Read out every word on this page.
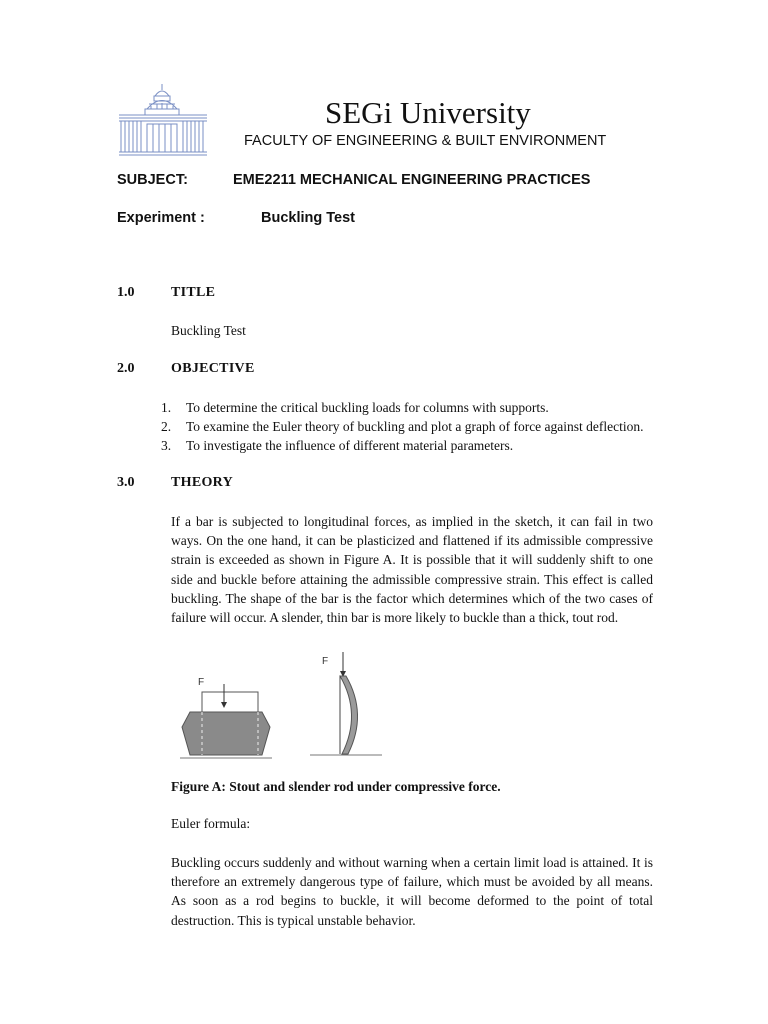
SEGi University
FACULTY OF ENGINEERING & BUILT ENVIRONMENT
SUBJECT:	EME2211 MECHANICAL ENGINEERING PRACTICES
Experiment :	Buckling Test
1.0	TITLE
Buckling Test
2.0	OBJECTIVE
1.	To determine the critical buckling loads for columns with supports.
2.	To examine the Euler theory of buckling and plot a graph of force against deflection.
3.	To investigate the influence of different material parameters.
3.0	THEORY

If a bar is subjected to longitudinal forces, as implied in the sketch, it can fail in two ways. On the one hand, it can be plasticized and flattened if its admissible compressive strain is exceeded as shown in Figure A. It is possible that it will suddenly shift to one side and buckle before attaining the admissible compressive strain. This effect is called buckling. The shape of the bar is the factor which determines which of the two cases of failure will occur. A slender, thin bar is more likely to buckle than a thick, tout rod.

F
F
Figure A: Stout and slender rod under compressive force.
Euler formula:

Buckling occurs suddenly and without warning when a certain limit load is attained. It is therefore an extremely dangerous type of failure, which must be avoided by all means. As soon as a rod begins to buckle, it will become deformed to the point of total destruction. This is typical unstable behavior.
